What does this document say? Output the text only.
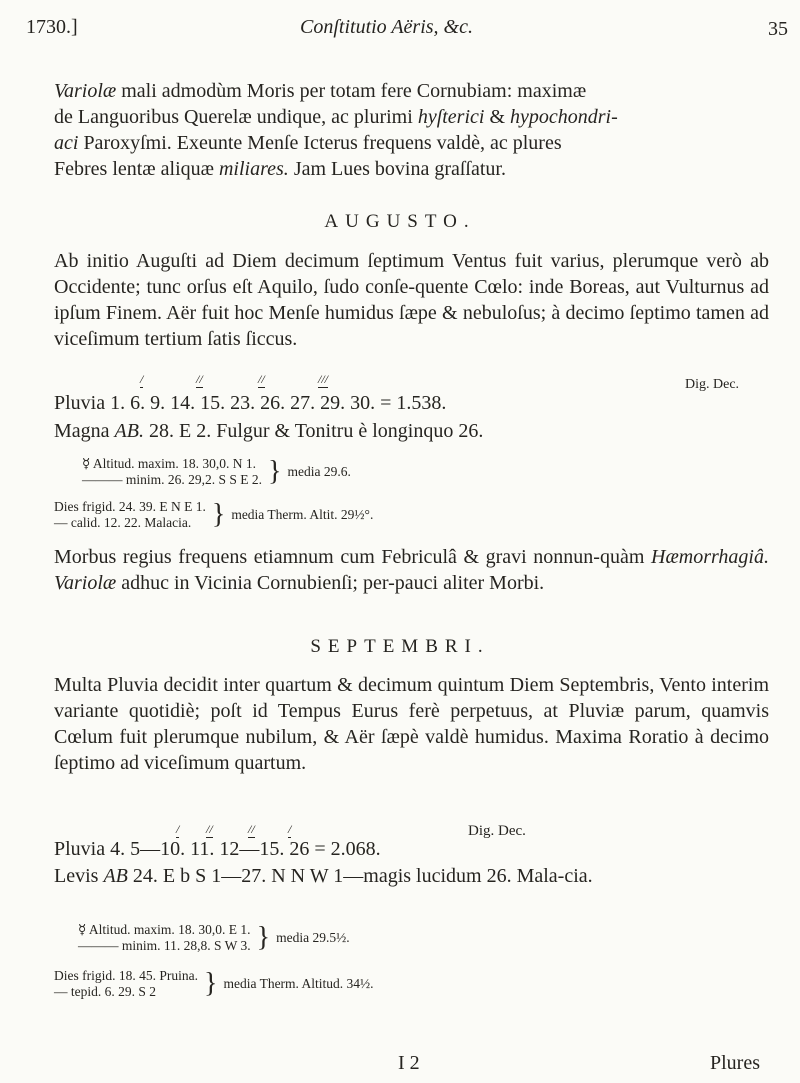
1730.]	Conſtitutio Aëris, &c.	35
Variolæ mali admodùm Moris per totam fere Cornubiam: maximæ
de Languoribus Querelæ undique, ac plurimi hyſterici & hypochondri-
aci Paroxyſmi. Exeunte Menſe Icterus frequens valdè, ac plures
Febres lentæ aliquæ miliares. Jam Lues bovina graſſatur.
AUGUSTO.
Ab initio Auguſti ad Diem decimum ſeptimum Ventus fuit varius, plerumque verò ab Occidente; tunc orſus eſt Aquilo, ſudo conſe-quente Cœlo: inde Boreas, aut Vulturnus ad ipſum Finem. Aër fuit hoc Menſe humidus ſæpe & nebuloſus; à decimo ſeptimo tamen ad viceſimum tertium ſatis ſiccus.
/	//	//	///	Dig. Dec.
Pluvia 1. 6. 9. 14. 15. 23. 26. 27. 29. 30. = 1.538.
Magna AB. 28. E 2. Fulgur & Tonitru è longinquo 26.
☿ Altitud. maxim. 18. 30,0. N 1.
——— minim. 26. 29,2. S S E 2. } media 29.6.
Dies frigid. 24. 39. E N E 1.
— calid. 12. 22. Malacia. } media Therm. Altit. 29½°.
Morbus regius frequens etiamnum cum Febriculâ & gravi nonnun-quàm Hæmorrhagiâ. Variolæ adhuc in Vicinia Cornubienſi; per-pauci aliter Morbi.
SEPTEMBRI.
Multa Pluvia decidit inter quartum & decimum quintum Diem Septembris, Vento interim variante quotidiè; poſt id Tempus Eurus ferè perpetuus, at Pluviæ parum, quamvis Cœlum fuit plerumque nubilum, & Aër ſæpè valdè humidus. Maxima Roratio à decimo ſeptimo ad viceſimum quartum.
/ //	//	/	Dig. Dec.
Pluvia 4. 5—10. 11. 12—15. 26 = 2.068.
Levis AB 24. E b S 1—27. N N W 1—magis lucidum 26. Mala-cia.
☿ Altitud. maxim. 18. 30,0. E 1.
——— minim. 11. 28,8. S W 3. } media 29.5½.
Dies frigid. 18. 45. Pruina.
— tepid. 6. 29. S 2	} media Therm. Altitud. 34½.
I 2	Plures
